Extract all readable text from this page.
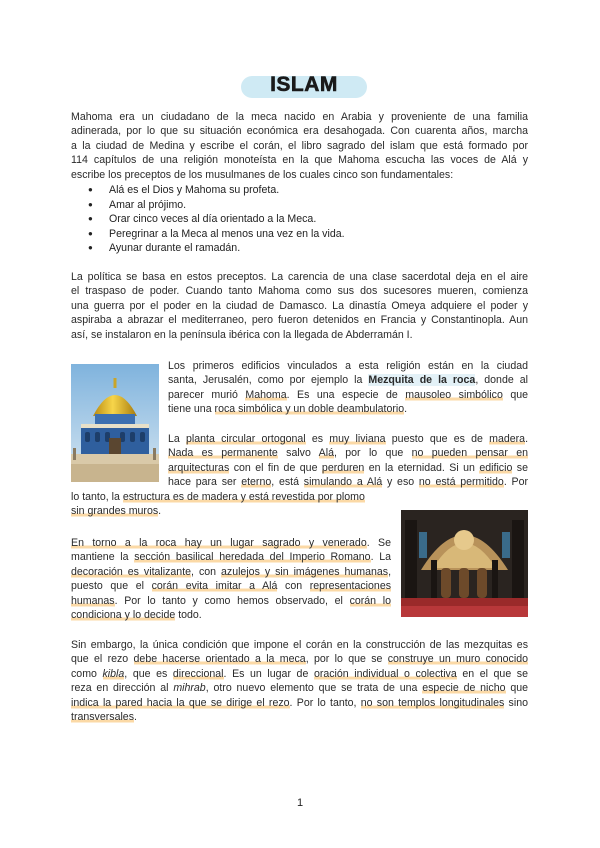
ISLAM
Mahoma era un ciudadano de la meca nacido en Arabia y proveniente de una familia
adinerada, por lo que su situación económica era desahogada. Con cuarenta años, marcha
a la ciudad de Medina y escribe el corán, el libro sagrado del islam que está formado por
114 capítulos de una religión monoteísta en la que Mahoma escucha las voces de Alá y
escribe los preceptos de los musulmanes de los cuales cinco son fundamentales:
● Alá es el Dios y Mahoma su profeta.
● Amar al prójimo.
● Orar cinco veces al día orientado a la Meca.
● Peregrinar a la Meca al menos una vez en la vida.
● Ayunar durante el ramadán.
La política se basa en estos preceptos. La carencia de una clase sacerdotal deja en el aire
el traspaso de poder. Cuando tanto Mahoma como sus dos sucesores mueren, comienza
una guerra por el poder en la ciudad de Damasco. La dinastía Omeya adquiere el poder y
aspiraba a abrazar el mediterraneo, pero fueron detenidos en Francia y Constantinopla. Aun
así, se instalaron en la península ibérica con la llegada de Abderramán I.
Los primeros edificios vinculados a esta religión están en la ciudad
santa, Jerusalén, como por ejemplo la Mezquita de la roca, donde al
parecer murió Mahoma. Es una especie de mausoleo simbólico que
tiene una roca simbólica y un doble deambulatorio.
La planta circular ortogonal es muy liviana puesto que es de madera.
Nada es permanente salvo Alá, por lo que no pueden pensar en
arquitecturas con el fin de que perduren en la eternidad. Si un edificio se
hace para ser eterno, está simulando a Alá y eso no está permitido. Por
lo tanto, la estructura es de madera y está revestida por plomo
sin grandes muros.
En torno a la roca hay un lugar sagrado y venerado. Se
mantiene la sección basilical heredada del Imperio Romano. La
decoración es vitalizante, con azulejos y sin imágenes humanas,
puesto que el corán evita imitar a Alá con representaciones
humanas. Por lo tanto y como hemos observado, el corán lo
condiciona y lo decide todo.
Sin embargo, la única condición que impone el corán en la construcción de las mezquitas es
que el rezo debe hacerse orientado a la meca, por lo que se construye un muro conocido
como kibla, que es direccional. Es un lugar de oración individual o colectiva en el que se
reza en dirección al mihrab, otro nuevo elemento que se trata de una especie de nicho que
indica la pared hacia la que se dirige el rezo. Por lo tanto, no son templos longitudinales sino
transversales.
1
